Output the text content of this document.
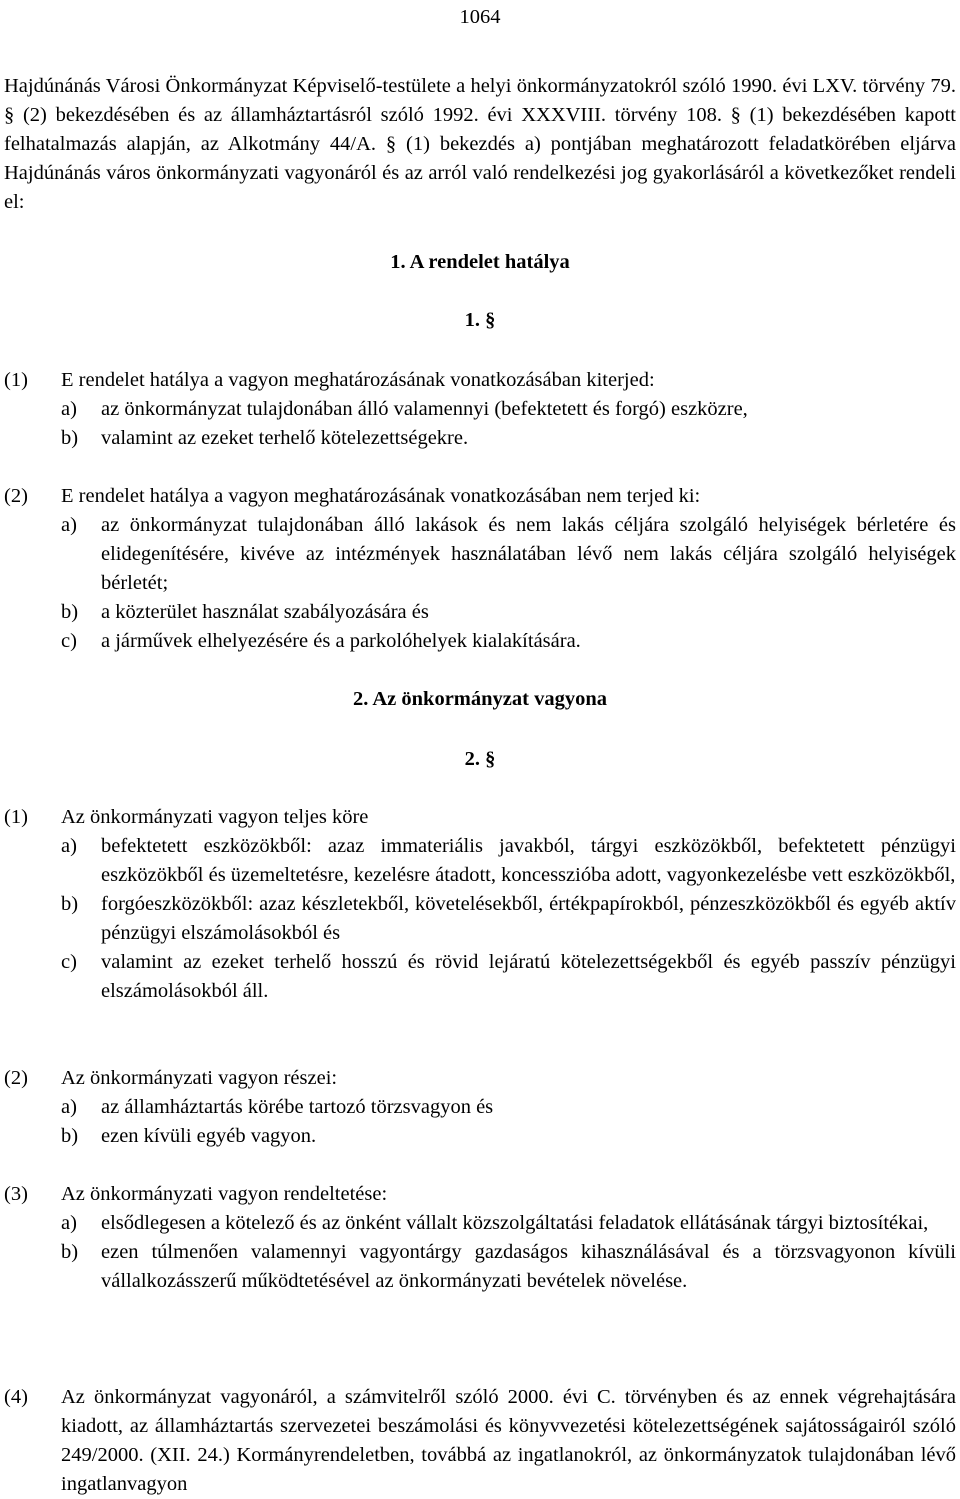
1064
Hajdúnánás Városi Önkormányzat Képviselő-testülete a helyi önkormányzatokról szóló 1990. évi LXV. törvény 79. § (2) bekezdésében és az államháztartásról szóló 1992. évi XXXVIII. törvény 108. § (1) bekezdésében kapott felhatalmazás alapján, az Alkotmány 44/A. § (1) bekezdés a) pontjában meghatározott feladatkörében eljárva Hajdúnánás város önkormányzati vagyonáról és az arról való rendelkezési jog gyakorlásáról a következőket rendeli el:
1. A rendelet hatálya
1. §
(1)	E rendelet hatálya a vagyon meghatározásának vonatkozásában kiterjed:
a)	az önkormányzat tulajdonában álló valamennyi (befektetett és forgó) eszközre,
b)	valamint az ezeket terhelő kötelezettségekre.
(2)	E rendelet hatálya a vagyon meghatározásának vonatkozásában nem terjed ki:
a)	az önkormányzat tulajdonában álló lakások és nem lakás céljára szolgáló helyiségek bérletére és elidegenítésére, kivéve az intézmények használatában lévő nem lakás céljára szolgáló helyiségek bérletét;
b)	a közterület használat szabályozására és
c)	a járművek elhelyezésére és a parkolóhelyek kialakítására.
2. Az önkormányzat vagyona
2. §
(1)	Az önkormányzati vagyon teljes köre
a)	befektetett eszközökből: azaz immateriális javakból, tárgyi eszközökből, befektetett pénzügyi eszközökből és üzemeltetésre, kezelésre átadott, koncesszióba adott, vagyonkezelésbe vett eszközökből,
b)	forgóeszközökből: azaz készletekből, követelésekből, értékpapírokból, pénzeszközökből és egyéb aktív pénzügyi elszámolásokból és
c)	valamint az ezeket terhelő hosszú és rövid lejáratú kötelezettségekből és egyéb passzív pénzügyi elszámolásokból áll.
(2)	Az önkormányzati vagyon részei:
a)	az államháztartás körébe tartozó törzsvagyon és
b)	ezen kívüli egyéb vagyon.
(3)	Az önkormányzati vagyon rendeltetése:
a)	elsődlegesen a kötelező és az önként vállalt közszolgáltatási feladatok ellátásának tárgyi biztosítékai,
b)	ezen túlmenően valamennyi vagyontárgy gazdaságos kihasználásával és a törzsvagyonon kívüli vállalkozásszerű működtetésével az önkormányzati bevételek növelése.
(4)	Az önkormányzat vagyonáról, a számvitelről szóló 2000. évi C. törvényben és az ennek végrehajtására kiadott, az államháztartás szervezetei beszámolási és könyvvezetési kötelezettségének sajátosságairól szóló 249/2000. (XII. 24.) Kormányrendeletben, továbbá az ingatlanokról, az önkormányzatok tulajdonában lévő ingatlanvagyon
